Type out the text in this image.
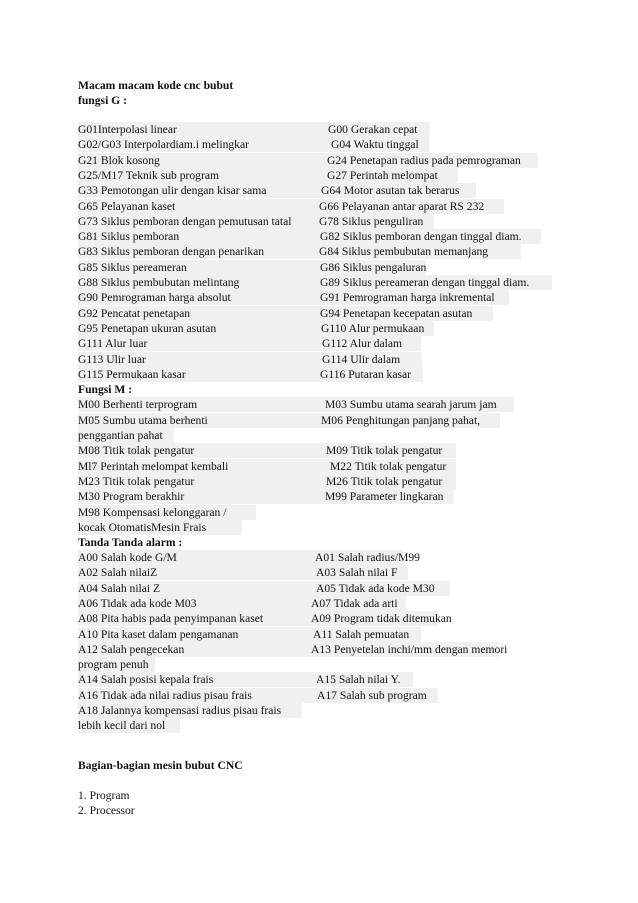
Macam macam kode cnc bubut
fungsi G :
G01Interpolasi linear	G00 Gerakan cepat
G02/G03 Interpolardiam.i melingkar	G04 Waktu tinggal
G21 Blok kosong	G24 Penetapan radius pada pemrograman
G25/M17 Teknik sub program	G27 Perintah melompat
G33 Pemotongan ulir dengan kisar sama	G64 Motor asutan tak berarus
G65 Pelayanan kaset	G66 Pelayanan antar aparat RS 232
G73 Siklus pemboran dengan pemutusan tatal G78 Siklus penguliran
G81 Siklus pemboran	G82 Siklus pemboran dengan tinggal diam.
G83 Siklus pemboran dengan penarikan	G84 Siklus pembubutan memanjang
G85 Siklus pereameran	G86 Siklus pengaluran
G88 Siklus pembubutan melintang	G89 Siklus pereameran dengan tinggal diam.
G90 Pemrograman harga absolut	G91 Pemrograman harga inkremental
G92 Pencatat penetapan	G94 Penetapan kecepatan asutan
G95 Penetapan ukuran asutan	G110 Alur permukaan
G111 Alur luar	G112 Alur dalam
G113 Ulir luar	G114 Ulir dalam
G115 Permukaan kasar	G116 Putaran kasar
Fungsi M :
M00 Berhenti terprogram	M03 Sumbu utama searah jarum jam
M05 Sumbu utama berhenti	M06 Penghitungan panjang pahat,
penggantian pahat
M08 Titik tolak pengatur	M09 Titik tolak pengatur
Ml7 Perintah melompat kembali	M22 Titik tolak pengatur
M23 Titik tolak pengatur	M26 Titik tolak pengatur
M30 Program berakhir	M99 Parameter lingkaran
M98 Kompensasi kelonggaran /
kocak OtomatisMesin Frais
Tanda Tanda alarm :
A00 Salah kode G/M	A01 Salah radius/M99
A02 Salah nilaiZ	A03 Salah nilai F
A04 Salah nilai Z	A05 Tidak ada kode M30
A06 Tidak ada kode M03	A07 Tidak ada arti
A08 Pita habis pada penyimpanan kaset	A09 Program tidak ditemukan
A10 Pita kaset dalam pengamanan	A11 Salah pemuatan
A12 Salah pengecekan	A13 Penyetelan inchi/mm dengan memori
program penuh
A14 Salah posisi kepala frais	A15 Salah nilai Y.
A16 Tidak ada nilai radius pisau frais	A17 Salah sub program
A18 Jalannya kompensasi radius pisau frais
lebih kecil dari nol
Bagian-bagian mesin bubut CNC
1. Program
2. Processor
